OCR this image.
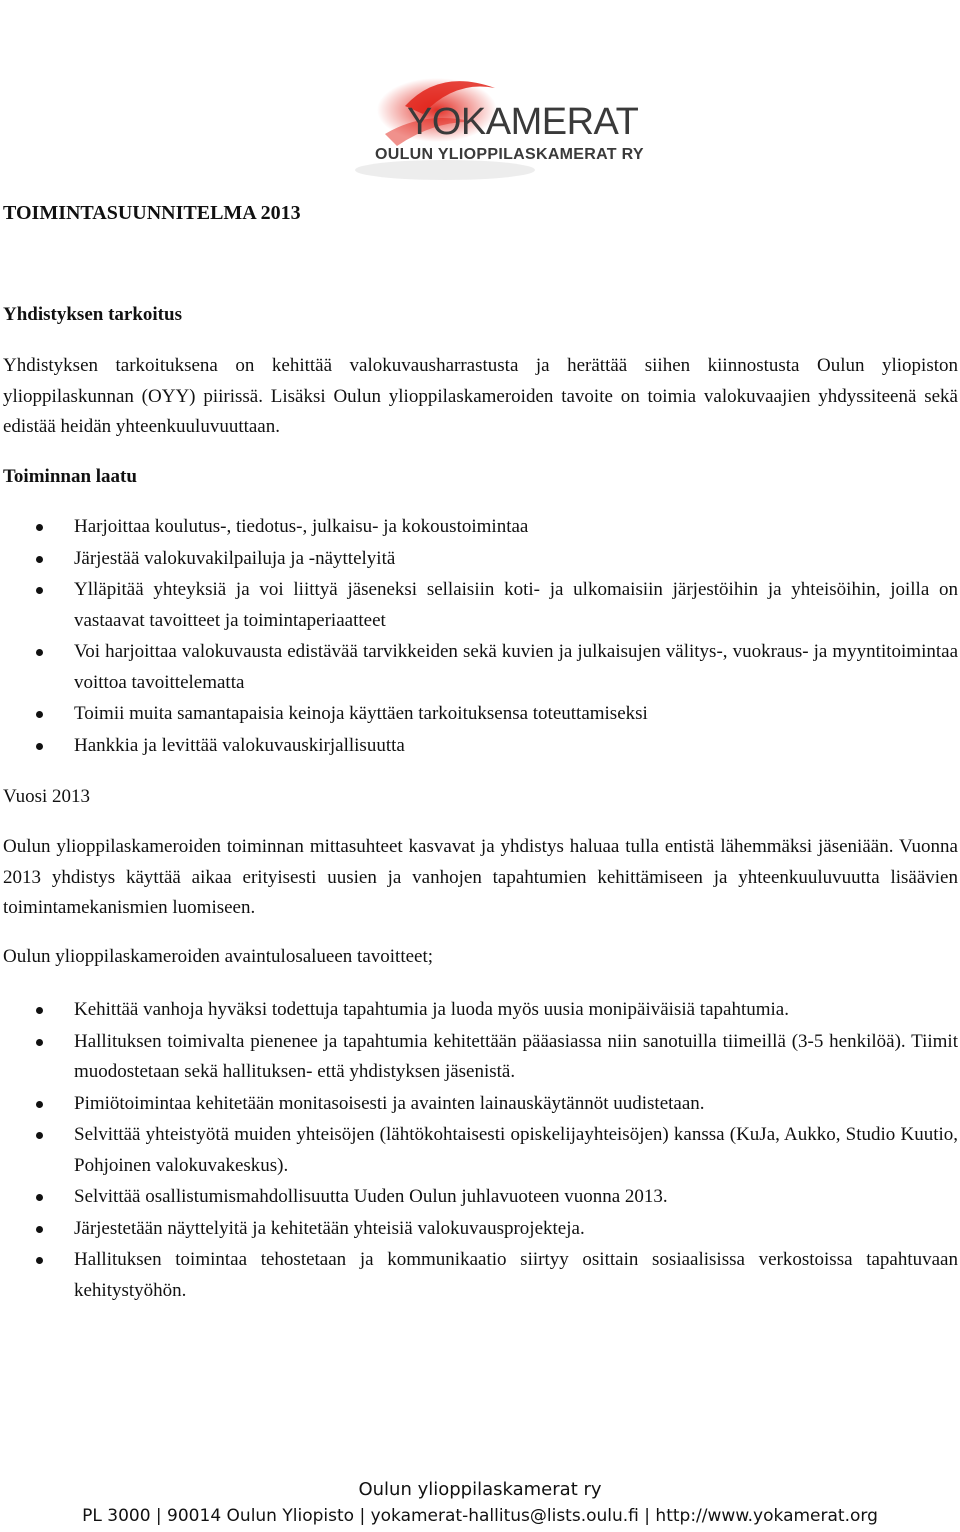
YOKAMERAT
OULUN YLIOPPILASKAMERAT RY
TOIMINTASUUNNITELMA 2013
Yhdistyksen tarkoitus

Yhdistyksen tarkoituksena on kehittää valokuvausharrastusta ja herättää siihen kiinnostusta Oulun yliopiston ylioppilaskunnan (OYY) piirissä. Lisäksi Oulun ylioppilaskameroiden tavoite on toimia valokuvaajien yhdyssiteenä sekä edistää heidän yhteenkuuluvuuttaan.

Toiminnan laatu
Harjoittaa koulutus-, tiedotus-, julkaisu- ja kokoustoimintaa
Järjestää valokuvakilpailuja ja -näyttelyitä
Ylläpitää yhteyksiä ja voi liittyä jäseneksi sellaisiin koti- ja ulkomaisiin järjestöihin ja yhteisöihin, joilla on vastaavat tavoitteet ja toimintaperiaatteet
Voi harjoittaa valokuvausta edistävää tarvikkeiden sekä kuvien ja julkaisujen välitys-, vuokraus- ja myyntitoimintaa voittoa tavoittelematta
Toimii muita samantapaisia keinoja käyttäen tarkoituksensa toteuttamiseksi
Hankkia ja levittää valokuvauskirjallisuutta
Vuosi 2013

Oulun ylioppilaskameroiden toiminnan mittasuhteet kasvavat ja yhdistys haluaa tulla entistä lähemmäksi jäseniään. Vuonna 2013 yhdistys käyttää aikaa erityisesti uusien ja vanhojen tapahtumien kehittämiseen ja yhteenkuuluvuutta lisäävien toimintamekanismien luomiseen.

Oulun ylioppilaskameroiden avaintulosalueen tavoitteet;

Kehittää vanhoja hyväksi todettuja tapahtumia ja luoda myös uusia monipäiväisiä tapahtumia.
Hallituksen toimivalta pienenee ja tapahtumia kehitettään pääasiassa niin sanotuilla tiimeillä (3-5 henkilöä). Tiimit muodostetaan sekä hallituksen- että yhdistyksen jäsenistä.
Pimiötoimintaa kehitetään monitasoisesti ja avainten lainauskäytännöt uudistetaan.
Selvittää yhteistyötä muiden yhteisöjen (lähtökohtaisesti opiskelijayhteisöjen) kanssa (KuJa, Aukko, Studio Kuutio, Pohjoinen valokuvakeskus).
Selvittää osallistumismahdollisuutta Uuden Oulun juhlavuoteen vuonna 2013.
Järjestetään näyttelyitä ja kehitetään yhteisiä valokuvausprojekteja.
Hallituksen toimintaa tehostetaan ja kommunikaatio siirtyy osittain sosiaalisissa verkostoissa tapahtuvaan kehitystyöhön.

Oulun ylioppilaskamerat ry

PL 3000 | 90014 Oulun Yliopisto | yokamerat-hallitus@lists.oulu.fi | http://www.yokamerat.org
